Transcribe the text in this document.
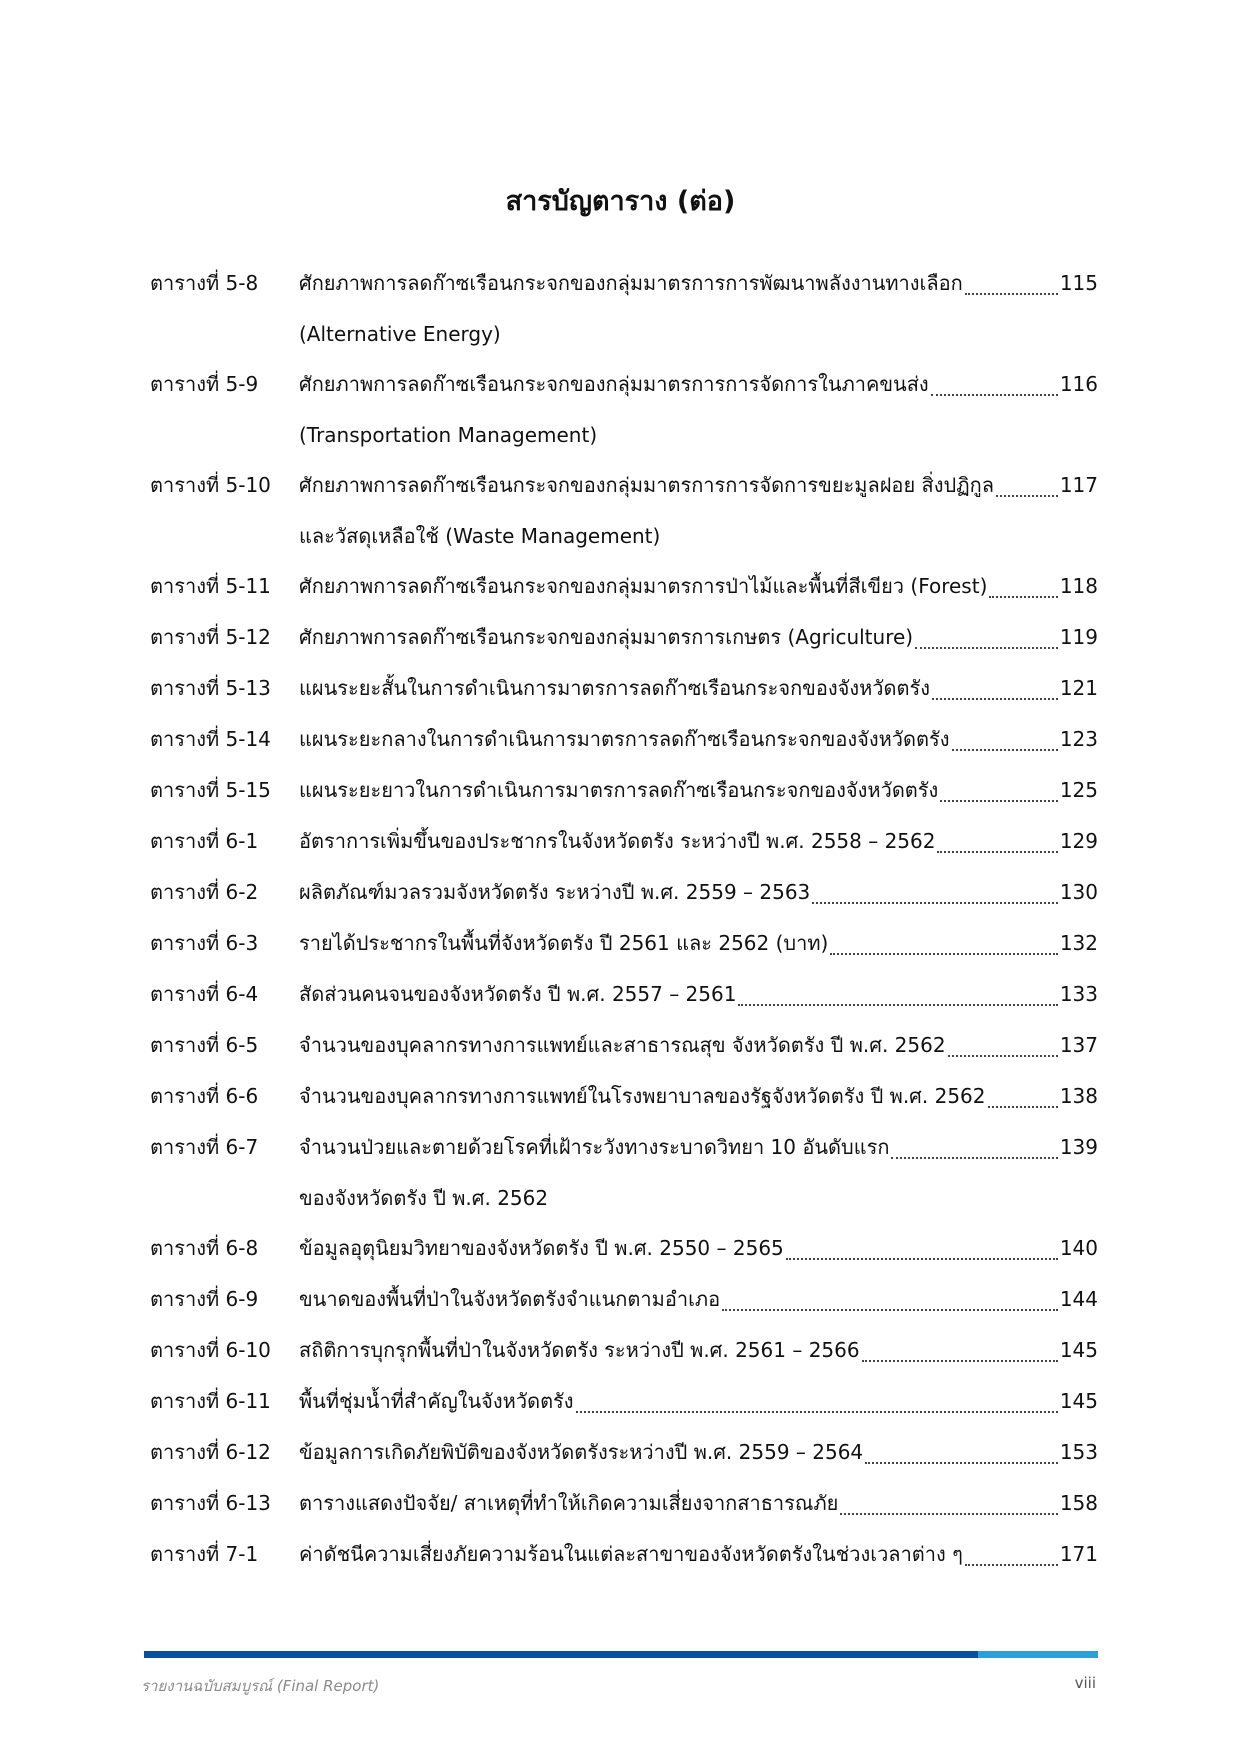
สารบัญตาราง (ต่อ)
ตารางที่ 5-8	ศักยภาพการลดก๊าซเรือนกระจกของกลุ่มมาตรการการพัฒนาพลังงานทางเลือก	115
(Alternative Energy)
ตารางที่ 5-9	ศักยภาพการลดก๊าซเรือนกระจกของกลุ่มมาตรการการจัดการในภาคขนส่ง	116
(Transportation Management)
ตารางที่ 5-10	ศักยภาพการลดก๊าซเรือนกระจกของกลุ่มมาตรการการจัดการขยะมูลฝอย สิ่งปฏิกูล	117
และวัสดุเหลือใช้ (Waste Management)
ตารางที่ 5-11	ศักยภาพการลดก๊าซเรือนกระจกของกลุ่มมาตรการป่าไม้และพื้นที่สีเขียว (Forest)	118
ตารางที่ 5-12	ศักยภาพการลดก๊าซเรือนกระจกของกลุ่มมาตรการเกษตร (Agriculture)	119
ตารางที่ 5-13	แผนระยะสั้นในการดำเนินการมาตรการลดก๊าซเรือนกระจกของจังหวัดตรัง	121
ตารางที่ 5-14	แผนระยะกลางในการดำเนินการมาตรการลดก๊าซเรือนกระจกของจังหวัดตรัง	123
ตารางที่ 5-15	แผนระยะยาวในการดำเนินการมาตรการลดก๊าซเรือนกระจกของจังหวัดตรัง	125
ตารางที่ 6-1	อัตราการเพิ่มขึ้นของประชากรในจังหวัดตรัง ระหว่างปี พ.ศ. 2558 – 2562	129
ตารางที่ 6-2	ผลิตภัณฑ์มวลรวมจังหวัดตรัง ระหว่างปี พ.ศ. 2559 – 2563	130
ตารางที่ 6-3	รายได้ประชากรในพื้นที่จังหวัดตรัง ปี 2561 และ 2562 (บาท)	132
ตารางที่ 6-4	สัดส่วนคนจนของจังหวัดตรัง ปี พ.ศ. 2557 – 2561	133
ตารางที่ 6-5	จำนวนของบุคลากรทางการแพทย์และสาธารณสุข จังหวัดตรัง ปี พ.ศ. 2562	137
ตารางที่ 6-6	จำนวนของบุคลากรทางการแพทย์ในโรงพยาบาลของรัฐจังหวัดตรัง ปี พ.ศ. 2562	138
ตารางที่ 6-7	จำนวนป่วยและตายด้วยโรคที่เฝ้าระวังทางระบาดวิทยา 10 อันดับแรก	139
ของจังหวัดตรัง ปี พ.ศ. 2562
ตารางที่ 6-8	ข้อมูลอุตุนิยมวิทยาของจังหวัดตรัง ปี พ.ศ. 2550 – 2565	140
ตารางที่ 6-9	ขนาดของพื้นที่ป่าในจังหวัดตรังจำแนกตามอำเภอ	144
ตารางที่ 6-10	สถิติการบุกรุกพื้นที่ป่าในจังหวัดตรัง ระหว่างปี พ.ศ. 2561 – 2566	145
ตารางที่ 6-11	พื้นที่ชุ่มน้ำที่สำคัญในจังหวัดตรัง	145
ตารางที่ 6-12	ข้อมูลการเกิดภัยพิบัติของจังหวัดตรังระหว่างปี พ.ศ. 2559 – 2564	153
ตารางที่ 6-13	ตารางแสดงปัจจัย/ สาเหตุที่ทำให้เกิดความเสี่ยงจากสาธารณภัย	158
ตารางที่ 7-1	ค่าดัชนีความเสี่ยงภัยความร้อนในแต่ละสาขาของจังหวัดตรังในช่วงเวลาต่าง ๆ	171
รายงานฉบับสมบูรณ์ (Final Report)	viii
